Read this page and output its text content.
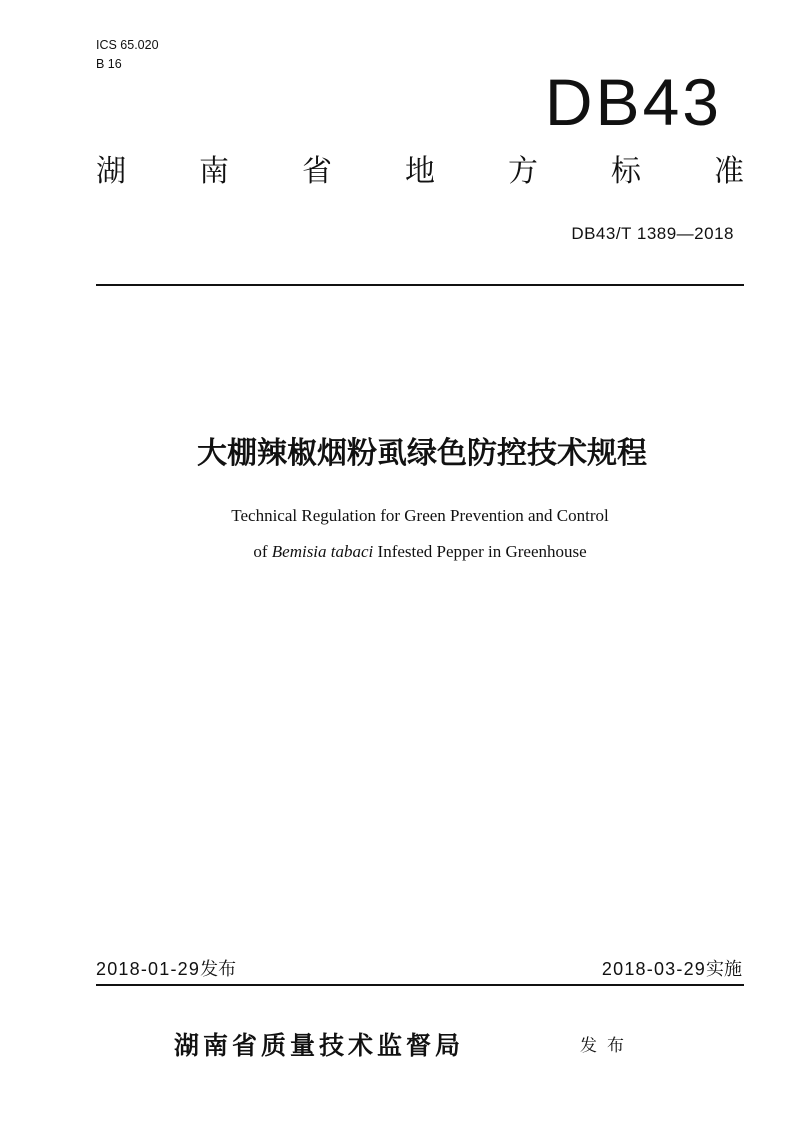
ICS 65.020
B 16
DB43
湖 南 省 地 方 标 准
DB43/T 1389—2018
大棚辣椒烟粉虱绿色防控技术规程
Technical Regulation for Green Prevention and Control
of Bemisia tabaci Infested Pepper in Greenhouse
2018-01-29发布	2018-03-29实施
湖南省质量技术监督局	发布
